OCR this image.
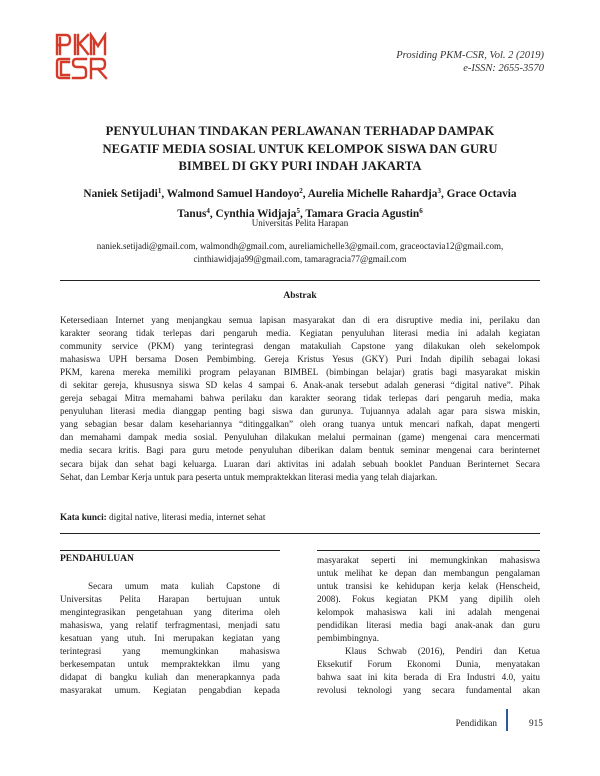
Prosiding PKM-CSR, Vol. 2 (2019)
e-ISSN: 2655-3570
PENYULUHAN TINDAKAN PERLAWANAN TERHADAP DAMPAK
NEGATIF MEDIA SOSIAL UNTUK KELOMPOK SISWA DAN GURU
BIMBEL DI GKY PURI INDAH JAKARTA
Naniek Setijadi$^1$, Walmond Samuel Handoyo$^2$, Aurelia Michelle Rahardja$^3$, Grace Octavia
Tanus$^4$, Cynthia Widjaja$^5$, Tamara Gracia Agustin$^6$
Universitas Pelita Harapan
naniek.setijadi@gmail.com, walmondh@gmail.com, aureliamichelle3@gmail.com, graceoctavia12@gmail.com,
cinthiawidjaja99@gmail.com, tamaragracia77@gmail.com
Abstrak
Ketersediaan Internet yang menjangkau semua lapisan masyarakat dan di era disruptive media ini, perilaku dan
karakter seorang tidak terlepas dari pengaruh media. Kegiatan penyuluhan literasi media ini adalah kegiatan
community service (PKM) yang terintegrasi dengan matakuliah Capstone yang dilakukan oleh sekelompok
mahasiswa UPH bersama Dosen Pembimbing. Gereja Kristus Yesus (GKY) Puri Indah dipilih sebagai lokasi
PKM, karena mereka memiliki program pelayanan BIMBEL (bimbingan belajar) gratis bagi masyarakat miskin
di sekitar gereja, khususnya siswa SD kelas 4 sampai 6. Anak-anak tersebut adalah generasi “digital native”. Pihak
gereja sebagai Mitra memahami bahwa perilaku dan karakter seorang tidak terlepas dari pengaruh media, maka
penyuluhan literasi media dianggap penting bagi siswa dan gurunya. Tujuannya adalah agar para siswa miskin,
yang sebagian besar dalam kesehariannya “ditinggalkan” oleh orang tuanya untuk mencari nafkah, dapat mengerti
dan memahami dampak media sosial. Penyuluhan dilakukan melalui permainan (game) mengenai cara mencermati
media secara kritis. Bagi para guru metode penyuluhan diberikan dalam bentuk seminar mengenai cara berinternet
secara bijak dan sehat bagi keluarga. Luaran dari aktivitas ini adalah sebuah booklet Panduan Berinternet Secara
Sehat, dan Lembar Kerja untuk para peserta untuk mempraktekkan literasi media yang telah diajarkan.
Kata kunci: digital native, literasi media, internet sehat
PENDAHULUAN
Secara umum mata kuliah Capstone di
Universitas Pelita Harapan bertujuan untuk
mengintegrasikan pengetahuan yang diterima oleh
mahasiswa, yang relatif terfragmentasi, menjadi satu
kesatuan yang utuh. Ini merupakan kegiatan yang
terintegrasi yang memungkinkan mahasiswa
berkesempatan untuk mempraktekkan ilmu yang
didapat di bangku kuliah dan menerapkannya pada
masyarakat umum. Kegiatan pengabdian kepada
masyarakat seperti ini memungkinkan mahasiswa
untuk melihat ke depan dan membangun pengalaman
untuk transisi ke kehidupan kerja kelak (Henscheid,
2008). Fokus kegiatan PKM yang dipilih oleh
kelompok mahasiswa kali ini adalah mengenai
pendidikan literasi media bagi anak-anak dan guru
pembimbingnya.
Klaus Schwab (2016), Pendiri dan Ketua
Eksekutif Forum Ekonomi Dunia, menyatakan
bahwa saat ini kita berada di Era Industri 4.0, yaitu
revolusi teknologi yang secara fundamental akan
Pendidikan	915
